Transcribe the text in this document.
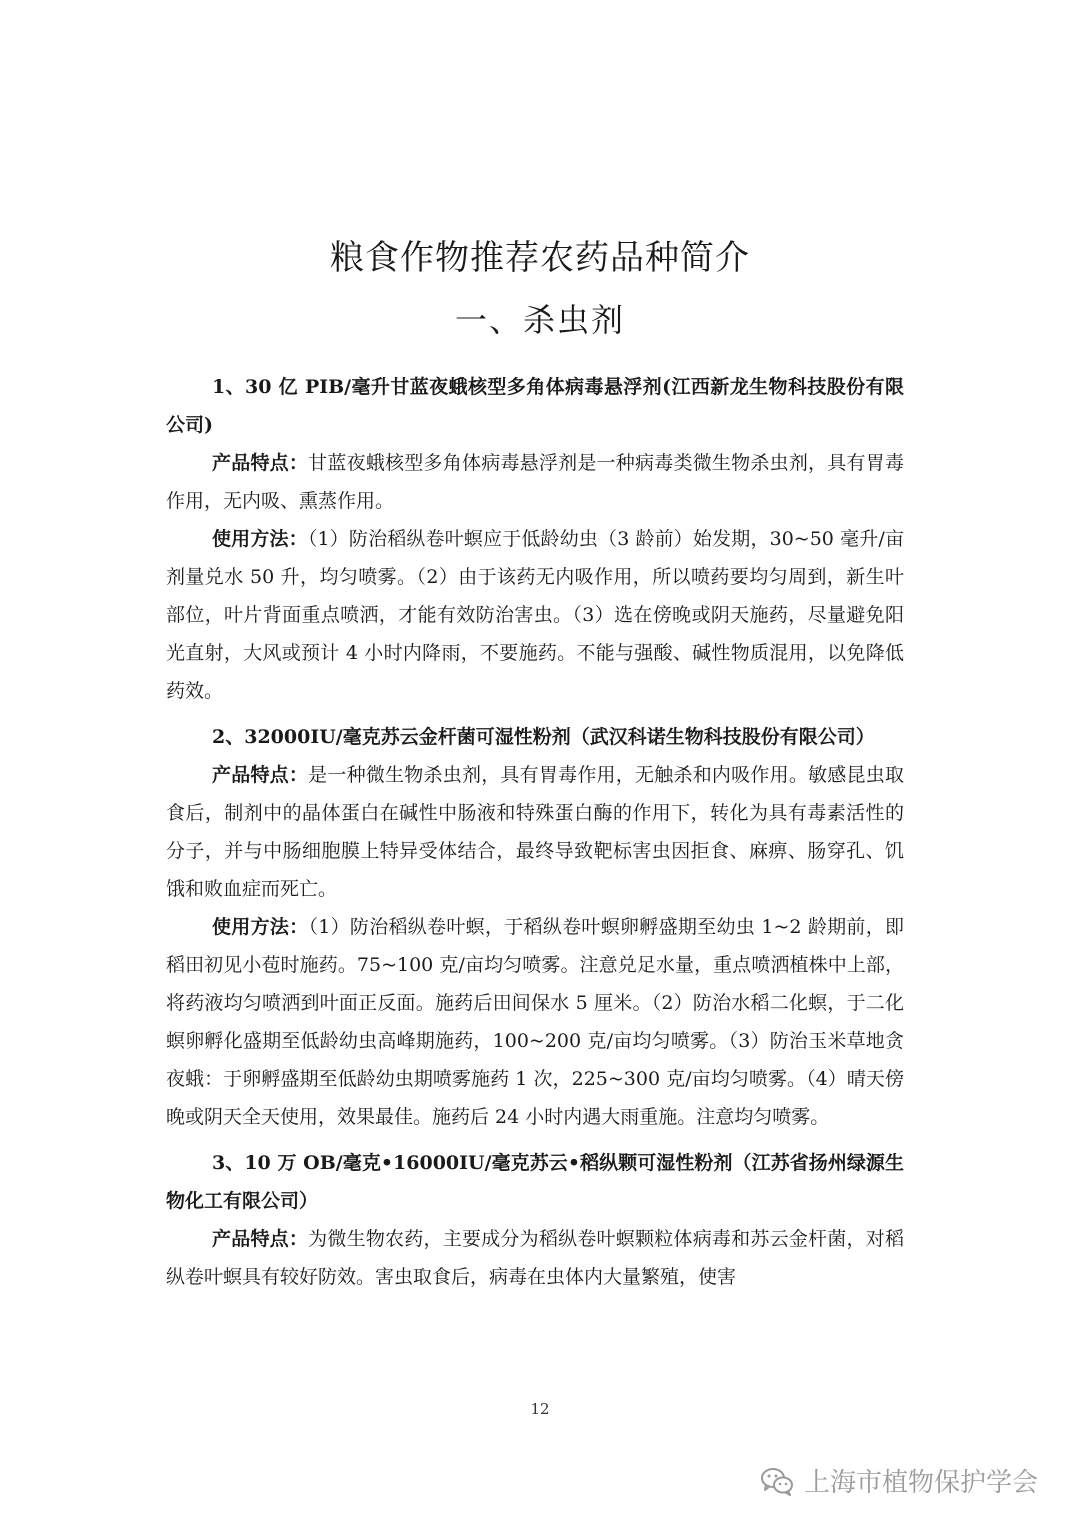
粮食作物推荐农药品种简介
一、杀虫剂

1、30 亿 PIB/毫升甘蓝夜蛾核型多角体病毒悬浮剂(江西新龙生物科技股份有限公司)

产品特点：甘蓝夜蛾核型多角体病毒悬浮剂是一种病毒类微生物杀虫剂，具有胃毒作用，无内吸、熏蒸作用。

使用方法：（1）防治稻纵卷叶螟应于低龄幼虫（3 龄前）始发期，30~50 毫升/亩剂量兑水 50 升，均匀喷雾。（2）由于该药无内吸作用，所以喷药要均匀周到，新生叶部位，叶片背面重点喷洒，才能有效防治害虫。（3）选在傍晚或阴天施药，尽量避免阳光直射，大风或预计 4 小时内降雨，不要施药。不能与强酸、碱性物质混用，以免降低药效。

2、32000IU/毫克苏云金杆菌可湿性粉剂（武汉科诺生物科技股份有限公司）

产品特点：是一种微生物杀虫剂，具有胃毒作用，无触杀和内吸作用。敏感昆虫取食后，制剂中的晶体蛋白在碱性中肠液和特殊蛋白酶的作用下，转化为具有毒素活性的分子，并与中肠细胞膜上特异受体结合，最终导致靶标害虫因拒食、麻痹、肠穿孔、饥饿和败血症而死亡。

使用方法：（1）防治稻纵卷叶螟，于稻纵卷叶螟卵孵盛期至幼虫 1~2 龄期前，即稻田初见小苞时施药。75~100 克/亩均匀喷雾。注意兑足水量，重点喷洒植株中上部，将药液均匀喷洒到叶面正反面。施药后田间保水 5 厘米。（2）防治水稻二化螟，于二化螟卵孵化盛期至低龄幼虫高峰期施药，100~200 克/亩均匀喷雾。（3）防治玉米草地贪夜蛾：于卵孵盛期至低龄幼虫期喷雾施药 1 次，225~300 克/亩均匀喷雾。（4）晴天傍晚或阴天全天使用，效果最佳。施药后 24 小时内遇大雨重施。注意均匀喷雾。

3、10 万 OB/毫克•16000IU/毫克苏云•稻纵颗可湿性粉剂（江苏省扬州绿源生物化工有限公司）

产品特点：为微生物农药，主要成分为稻纵卷叶螟颗粒体病毒和苏云金杆菌，对稻纵卷叶螟具有较好防效。害虫取食后，病毒在虫体内大量繁殖，使害

12
上海市植物保护学会
